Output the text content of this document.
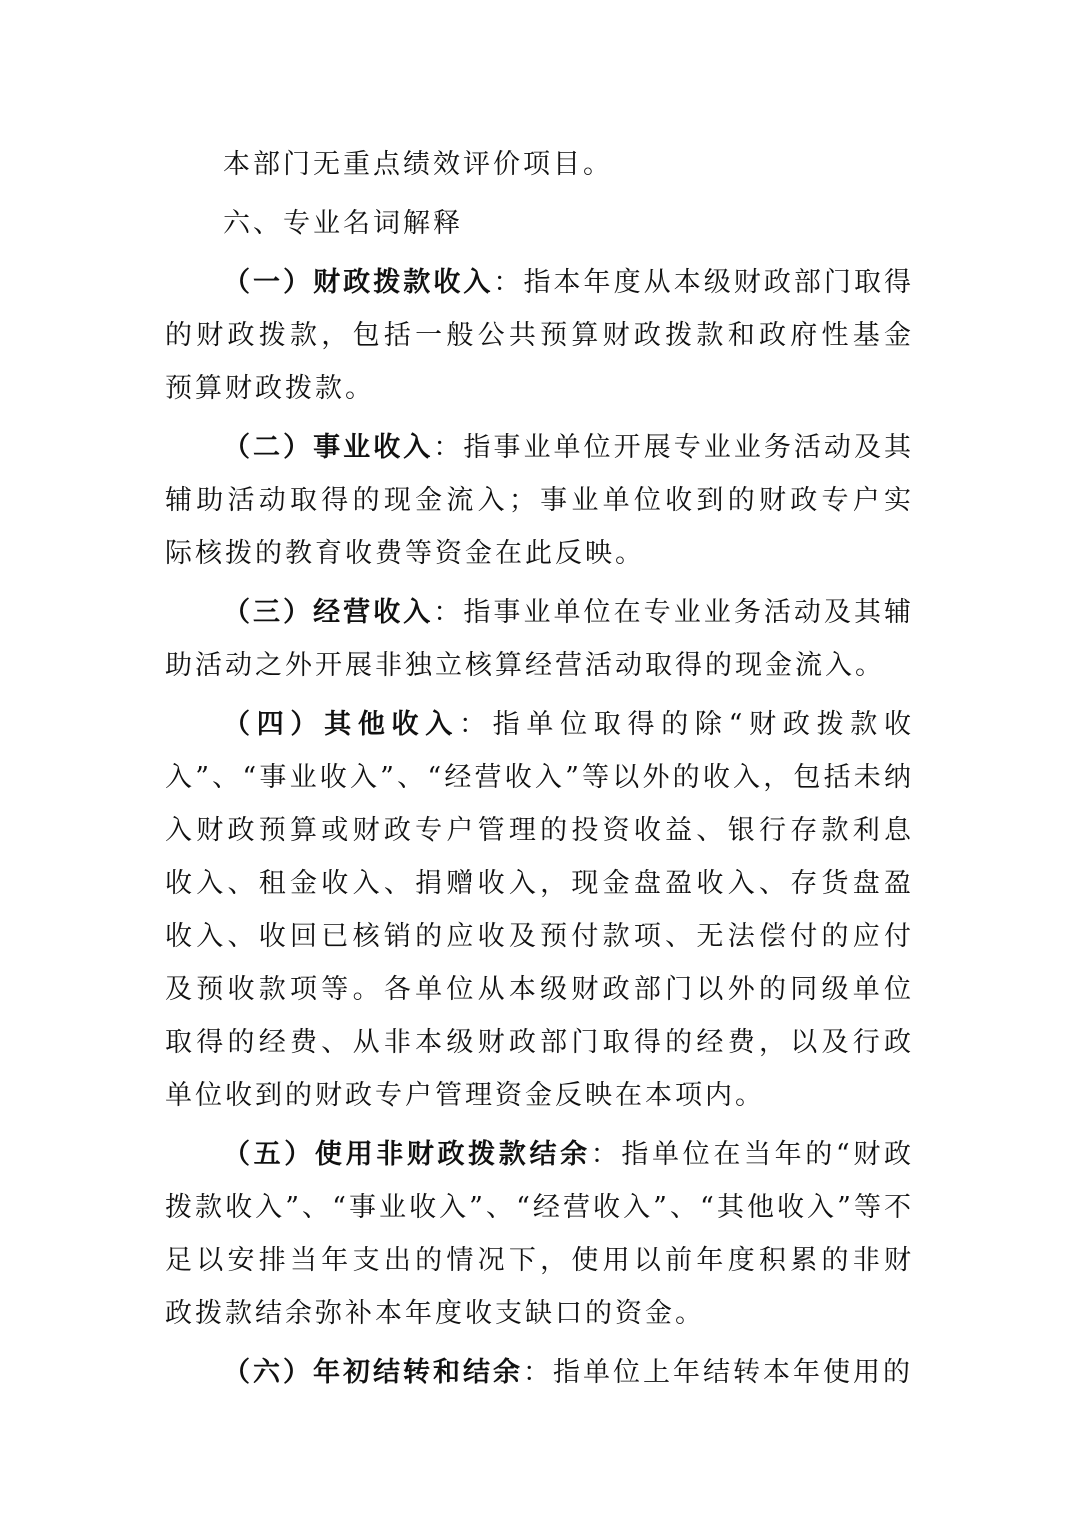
本部门无重点绩效评价项目。

六、专业名词解释

（一）财政拨款收入：指本年度从本级财政部门取得的财政拨款，包括一般公共预算财政拨款和政府性基金预算财政拨款。

（二）事业收入：指事业单位开展专业业务活动及其辅助活动取得的现金流入；事业单位收到的财政专户实际核拨的教育收费等资金在此反映。

（三）经营收入：指事业单位在专业业务活动及其辅助活动之外开展非独立核算经营活动取得的现金流入。

（四）其他收入：指单位取得的除“财政拨款收入”、“事业收入”、“经营收入”等以外的收入，包括未纳入财政预算或财政专户管理的投资收益、银行存款利息收入、租金收入、捐赠收入，现金盘盈收入、存货盘盈收入、收回已核销的应收及预付款项、无法偿付的应付及预收款项等。各单位从本级财政部门以外的同级单位取得的经费、从非本级财政部门取得的经费，以及行政单位收到的财政专户管理资金反映在本项内。

（五）使用非财政拨款结余：指单位在当年的“财政拨款收入”、“事业收入”、“经营收入”、“其他收入”等不足以安排当年支出的情况下，使用以前年度积累的非财政拨款结余弥补本年度收支缺口的资金。

（六）年初结转和结余：指单位上年结转本年使用的
